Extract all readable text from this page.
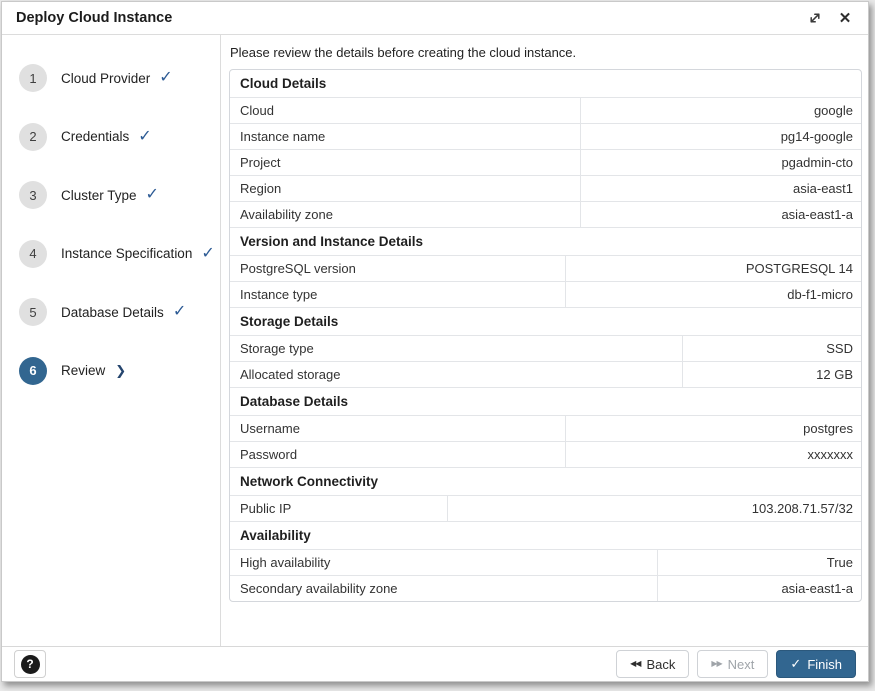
Deploy Cloud Instance	✕
1	Cloud Provider ✓
2	Credentials ✓
3	Cluster Type ✓
4	Instance Specification ✓
5	Database Details ✓
6	Review ❯
Please review the details before creating the cloud instance.
Cloud Details
Cloud	google
Instance name	pg14-google
Project	pgadmin-cto
Region	asia-east1
Availability zone	asia-east1-a
Version and Instance Details
PostgreSQL version	POSTGRESQL 14
Instance type	db-f1-micro
Storage Details
Storage type	SSD
Allocated storage	12 GB
Database Details
Username	postgres
Password	xxxxxxx
Network Connectivity
Public IP	103.208.71.57/32
Availability
High availability	True
Secondary availability zone	asia-east1-a
?	◀◀ Back	▶▶ Next	✓ Finish
